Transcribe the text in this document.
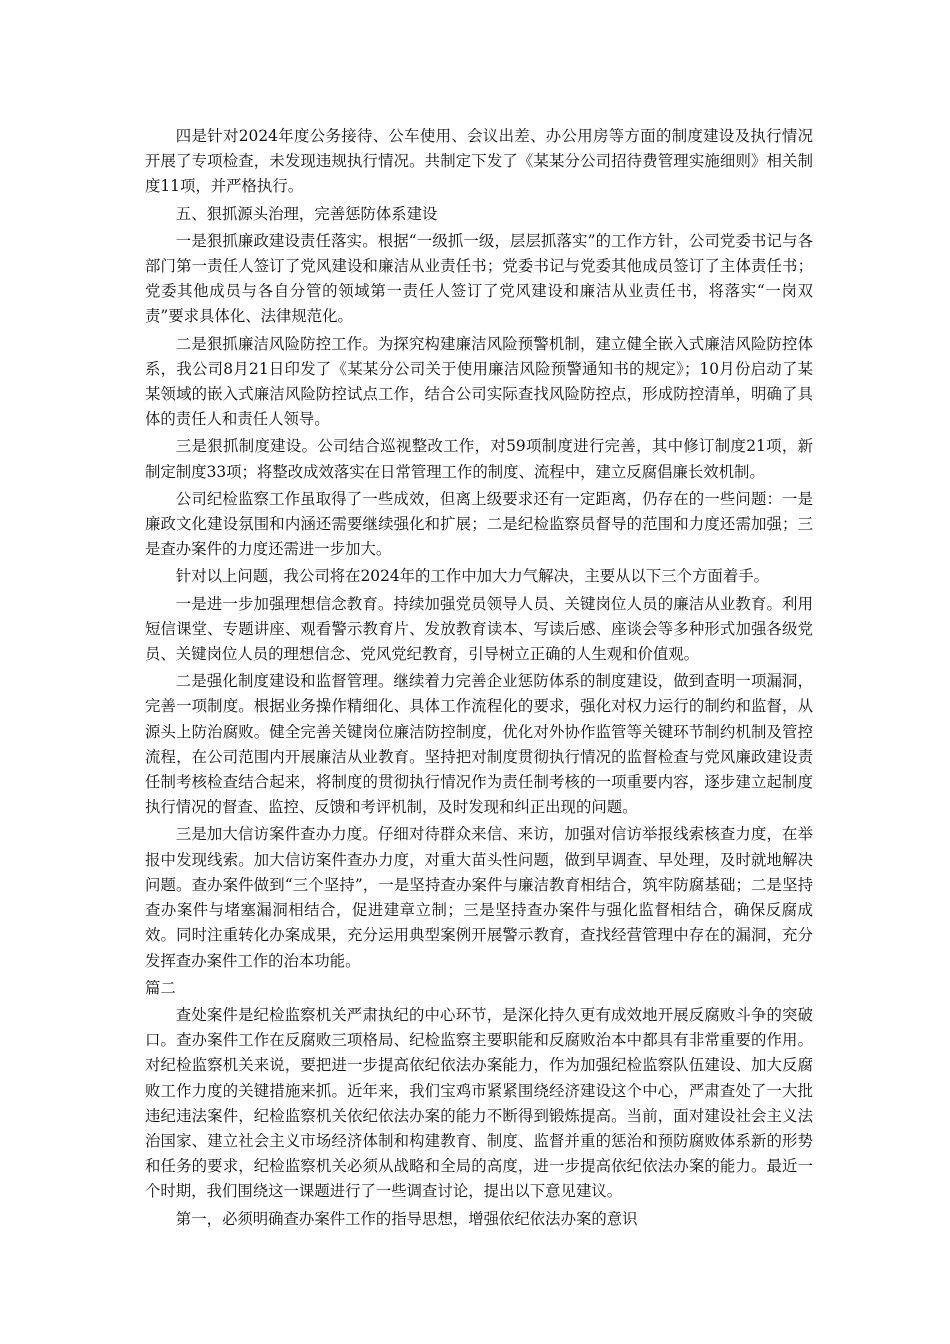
四是针对2024年度公务接待、公车使用、会议出差、办公用房等方面的制度建设及执行情况开展了专项检查，未发现违规执行情况。共制定下发了《某某分公司招待费管理实施细则》相关制度11项，并严格执行。

五、狠抓源头治理，完善惩防体系建设

一是狠抓廉政建设责任落实。根据“一级抓一级，层层抓落实”的工作方针，公司党委书记与各部门第一责任人签订了党风建设和廉洁从业责任书；党委书记与党委其他成员签订了主体责任书；党委其他成员与各自分管的领域第一责任人签订了党风建设和廉洁从业责任书，将落实“一岗双责”要求具体化、法律规范化。

二是狠抓廉洁风险防控工作。为探究构建廉洁风险预警机制，建立健全嵌入式廉洁风险防控体系，我公司8月21日印发了《某某分公司关于使用廉洁风险预警通知书的规定》；10月份启动了某某领域的嵌入式廉洁风险防控试点工作，结合公司实际查找风险防控点，形成防控清单，明确了具体的责任人和责任人领导。

三是狠抓制度建设。公司结合巡视整改工作，对59项制度进行完善，其中修订制度21项，新制定制度33项；将整改成效落实在日常管理工作的制度、流程中，建立反腐倡廉长效机制。

公司纪检监察工作虽取得了一些成效，但离上级要求还有一定距离，仍存在的一些问题：一是廉政文化建设氛围和内涵还需要继续强化和扩展；二是纪检监察员督导的范围和力度还需加强；三是查办案件的力度还需进一步加大。

针对以上问题，我公司将在2024年的工作中加大力气解决，主要从以下三个方面着手。

一是进一步加强理想信念教育。持续加强党员领导人员、关键岗位人员的廉洁从业教育。利用短信课堂、专题讲座、观看警示教育片、发放教育读本、写读后感、座谈会等多种形式加强各级党员、关键岗位人员的理想信念、党风党纪教育，引导树立正确的人生观和价值观。

二是强化制度建设和监督管理。继续着力完善企业惩防体系的制度建设，做到查明一项漏洞，完善一项制度。根据业务操作精细化、具体工作流程化的要求，强化对权力运行的制约和监督，从源头上防治腐败。健全完善关键岗位廉洁防控制度，优化对外协作监管等关键环节制约机制及管控流程，在公司范围内开展廉洁从业教育。坚持把对制度贯彻执行情况的监督检查与党风廉政建设责任制考核检查结合起来，将制度的贯彻执行情况作为责任制考核的一项重要内容，逐步建立起制度执行情况的督查、监控、反馈和考评机制，及时发现和纠正出现的问题。

三是加大信访案件查办力度。仔细对待群众来信、来访，加强对信访举报线索核查力度，在举报中发现线索。加大信访案件查办力度，对重大苗头性问题，做到早调查、早处理，及时就地解决问题。查办案件做到“三个坚持”，一是坚持查办案件与廉洁教育相结合，筑牢防腐基础；二是坚持查办案件与堵塞漏洞相结合，促进建章立制；三是坚持查办案件与强化监督相结合，确保反腐成效。同时注重转化办案成果，充分运用典型案例开展警示教育，查找经营管理中存在的漏洞，充分发挥查办案件工作的治本功能。

篇二

查处案件是纪检监察机关严肃执纪的中心环节，是深化持久更有成效地开展反腐败斗争的突破口。查办案件工作在反腐败三项格局、纪检监察主要职能和反腐败治本中都具有非常重要的作用。对纪检监察机关来说，要把进一步提高依纪依法办案能力，作为加强纪检监察队伍建设、加大反腐败工作力度的关键措施来抓。近年来，我们宝鸡市紧紧围绕经济建设这个中心，严肃查处了一大批违纪违法案件，纪检监察机关依纪依法办案的能力不断得到锻炼提高。当前，面对建设社会主义法治国家、建立社会主义市场经济体制和构建教育、制度、监督并重的惩治和预防腐败体系新的形势和任务的要求，纪检监察机关必须从战略和全局的高度，进一步提高依纪依法办案的能力。最近一个时期，我们围绕这一课题进行了一些调查讨论，提出以下意见建议。

第一，必须明确查办案件工作的指导思想，增强依纪依法办案的意识
